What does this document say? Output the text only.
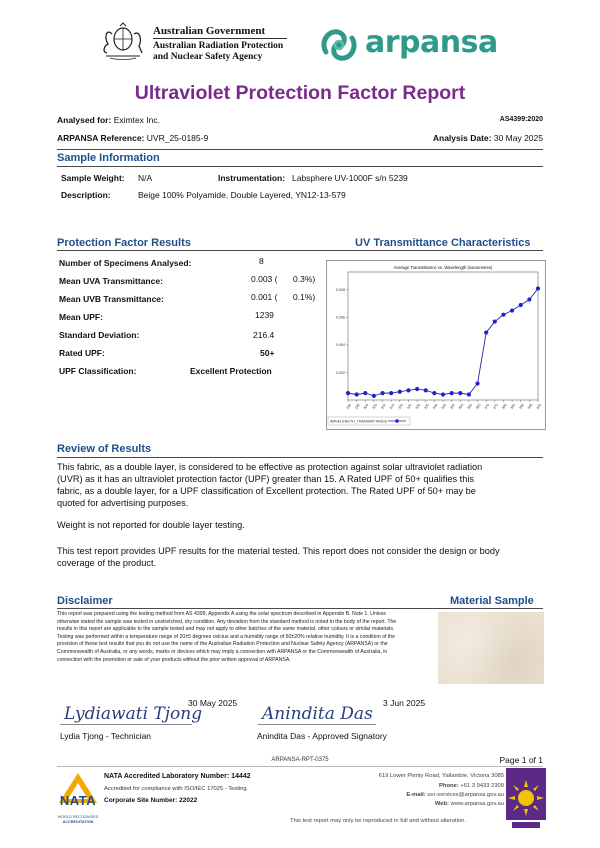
Australian Government
Australian Radiation Protection
and Nuclear Safety Agency	arpansa
Ultraviolet Protection Factor Report
Analysed for: Eximtex Inc.	AS4399:2020
ARPANSA Reference: UVR_25-0185-9	Analysis Date: 30 May 2025
Sample Information
Sample Weight: N/A	Instrumentation: Labsphere UV-1000F s/n 5239
Description:	Beige 100% Polyamide, Double Layered, YN12-13-579
Protection Factor Results	UV Transmittance Characteristics
Number of Specimens Analysed:	8
Mean UVA Transmittance:	0.003 ( 0.3%)
Mean UVB Transmittance:	0.001 ( 0.1%)
Mean UPF:	1239
Standard Deviation:	216.4
Rated UPF:	50+
UPF Classification:	Excellent Protection
Average Transmittance vs. Wavelength (nanometres)
0.008
0.006
0.004
0.002
290 295 300 305 310 315 320 325 330 335 340 345 350 355 360 365 370 375 380 385 390 395 400
WAVELENGTH_TRANSMITTANCE
Review of Results
This fabric, as a double layer, is considered to be effective as protection against solar ultraviolet radiation (UVR) as it has an ultraviolet protection factor (UPF) greater than 15. A Rated UPF of 50+ qualifies this fabric, as a double layer, for a UPF classification of Excellent protection. The Rated UPF of 50+ may be quoted for advertising purposes.
Weight is not reported for double layer testing.
This test report provides UPF results for the material tested. This report does not consider the design or body coverage of the product.
Disclaimer	Material Sample
This report was prepared using the testing method from AS 4399, Appendix A using the solar spectrum described in Appendix B. Note 1. Unless otherwise stated the sample was tested in unstretched, dry condition. Any deviation from the standard method is noted in the body of the report. The results in this report are applicable to the sample tested and may not apply to other batches of the same material, other colours or similar materials. Testing was performed within a temperature range of 20±5 degrees celcius and a humidity range of 50±20% relative humidity. It is a condition of the provision of these test results that you do not use the name of the Australian Radiation Protection and Nuclear Safety Agency (ARPANSA) or the Commonwealth of Australia, or any words, marks or devices which may imply a connection with ARPANSA or the Commonwealth of Australia, in connection with the promotion or sale of your products without the prior written approval of ARPANSA.
Lydiawati Tjong
30 May 2025
Lydia Tjong - Technician
Anindita Das
3 Jun 2025
Anindita Das - Approved Signatory
ARPANSA-RPT-0375	Page 1 of 1
NATA
WORLD RECOGNISED
ACCREDITATION
NATA Accredited Laboratory Number: 14442
Accredited for compliance with ISO/IEC 17025 - Testing
Corporate Site Number: 22022
619 Lower Plenty Road, Yallambie, Victoria 3085
Phone: +61 3 9433 2309
E-mail: uvr-services@arpansa.gov.au
Web: www.arpansa.gov.au
This test report may only be reproduced in full and without alteration.
